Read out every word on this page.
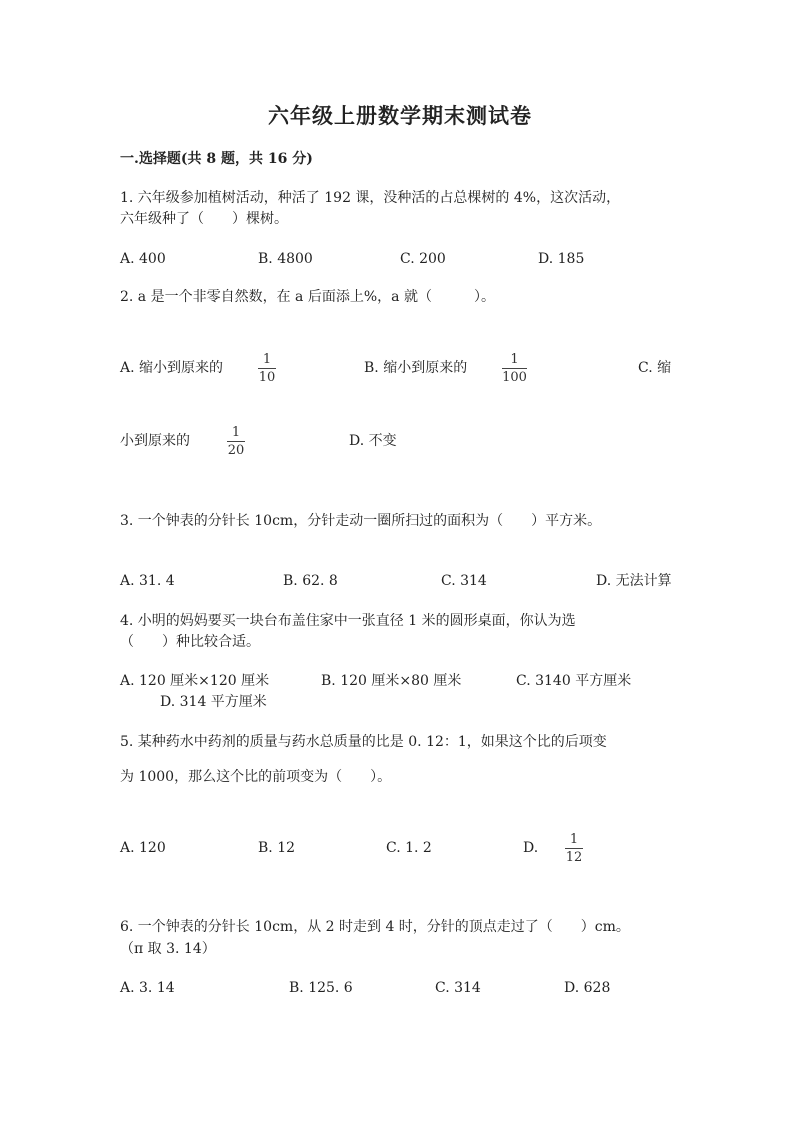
六年级上册数学期末测试卷
一.选择题(共 8 题，共 16 分)
1. 六年级参加植树活动，种活了 192 课，没种活的占总棵树的 4%，这次活动，
六年级种了（　　）棵树。
A. 400	B. 4800	C. 200	D. 185
2. a 是一个非零自然数，在 a 后面添上%，a 就（　　　）。
A. 缩小到原来的
1
10
B. 缩小到原来的
1
100
C. 缩
小到原来的
1
20
D. 不变
3. 一个钟表的分针长 10cm，分针走动一圈所扫过的面积为（　　）平方米。
A. 31. 4	B. 62. 8	C. 314	D. 无法计算
4. 小明的妈妈要买一块台布盖住家中一张直径 1 米的圆形桌面，你认为选
（　　）种比较合适。
A. 120 厘米×120 厘米	B. 120 厘米×80 厘米	C. 3140 平方厘米
D. 314 平方厘米
5. 某种药水中药剂的质量与药水总质量的比是 0. 12：1，如果这个比的后项变
为 1000，那么这个比的前项变为（　　）。
A. 120	B. 12	C. 1. 2	D.
1
12
6. 一个钟表的分针长 10cm，从 2 时走到 4 时，分针的顶点走过了（　　）cm。
（π 取 3. 14）
A. 3. 14	B. 125. 6	C. 314	D. 628
